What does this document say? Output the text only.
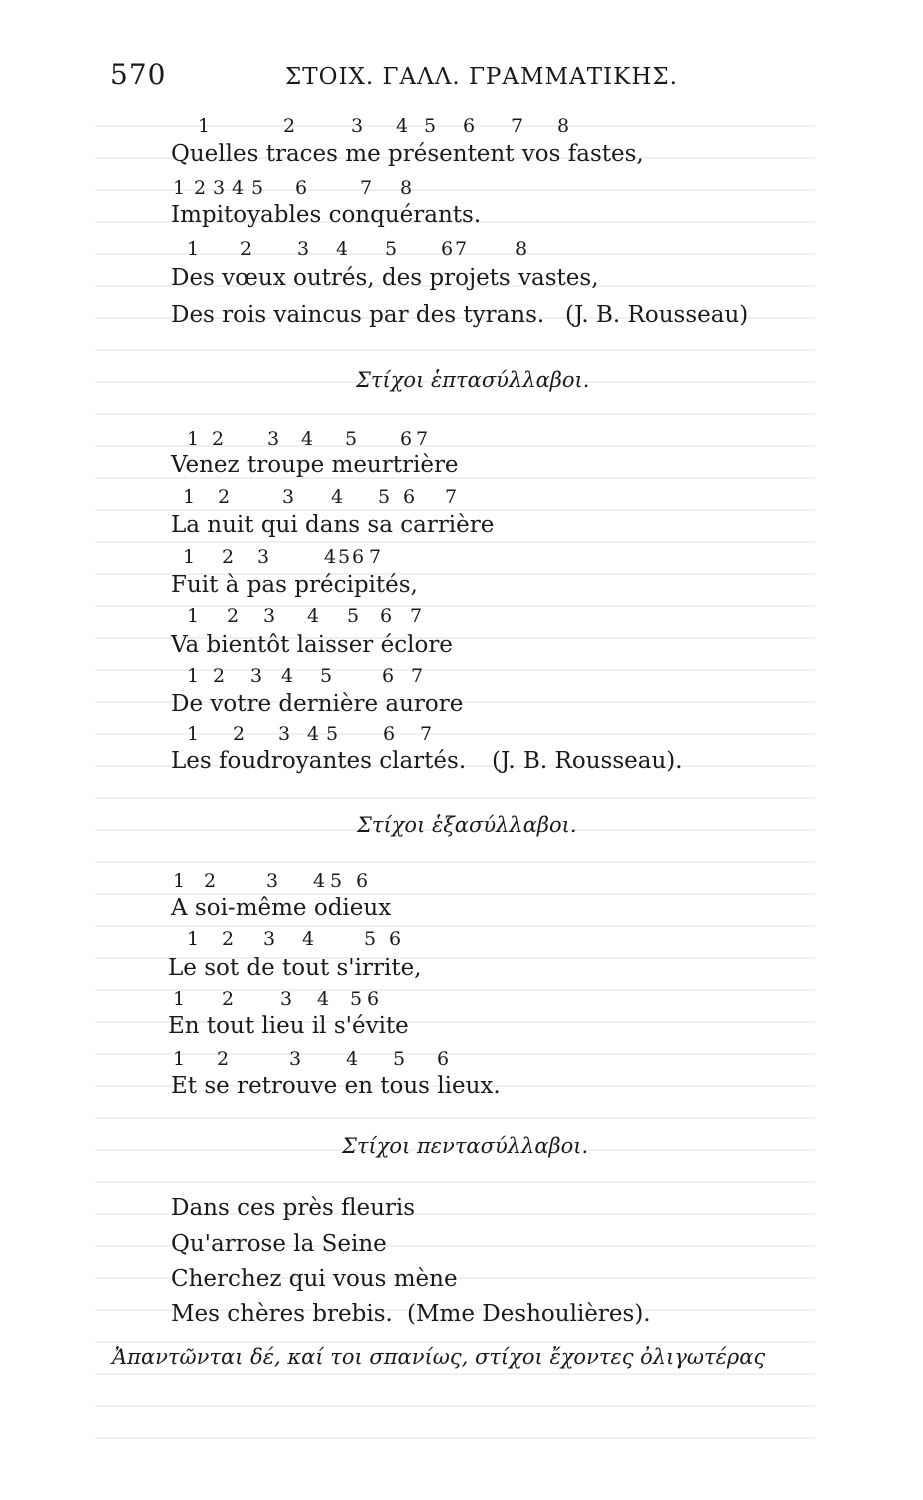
570	ΣΤΟΙΧ. ΓΑΛΛ. ΓΡΑΜΜΑΤΙΚΗΣ.
1	2	3 4 5 6 7 8
Quelles traces me présentent vos fastes,
1 2 3 4 5 6	7 8
Impitoyables conquérants.
1 2 3 4 5 6 7	8
Des vœux outrés, des projets vastes,
Des rois vaincus par des tyrans. (J. B. Rousseau)
Στίχοι ἑπτασύλλαβοι.
1 2 3 4 5 6 7
Venez troupe meurtrière
1 2	3 4 5 6 7
La nuit qui dans sa carrière
1 2 3	4 5 6 7
Fuit à pas précipités,
1 2 3 4 5 6 7
Va bientôt laisser éclore
1 2 3 4 5	6 7
De votre dernière aurore
1 2 3 4 5 6 7
Les foudroyantes clartés. (J. B. Rousseau).
Στίχοι ἑξασύλλαβοι.
1 2	3 4 5 6
A soi-même odieux
1 2 3 4	5 6
Le sot de tout s'irrite,
1 2 3 4 5 6
En tout lieu il s'évite
1 2	3 4 5 6
Et se retrouve en tous lieux.
Στίχοι πεντασύλλαβοι.
Dans ces près fleuris
Qu'arrose la Seine
Cherchez qui vous mène
Mes chères brebis. (Mme Deshoulières).
Ἀπαντῶνται δέ, καί τοι σπανίως, στίχοι ἔχοντες ὀλιγωτέρας
